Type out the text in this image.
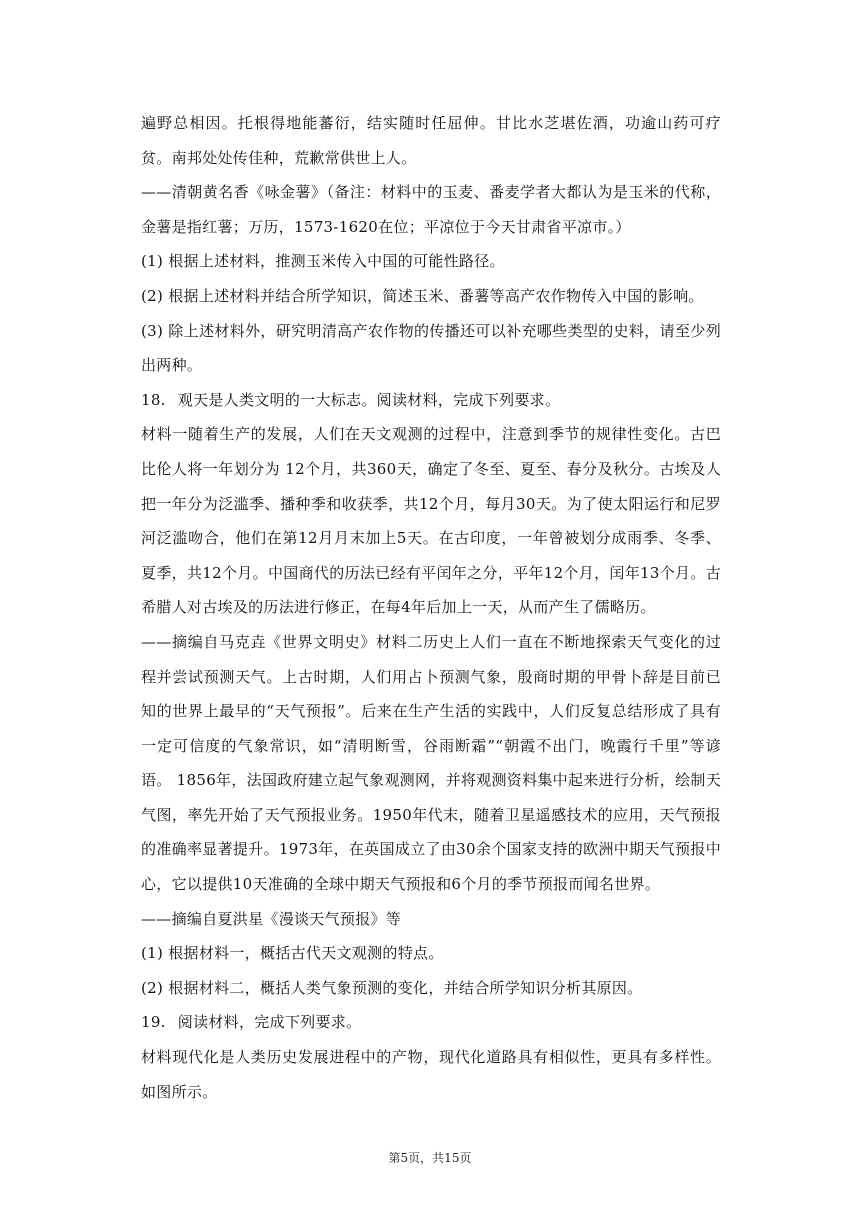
遍野总相因。托根得地能蕃衍，结实随时任屈伸。甘比水芝堪佐酒，功逾山药可疗贫。南邦处处传佳种，荒歉常供世上人。

——清朝黄名香《咏金薯》（备注：材料中的玉麦、番麦学者大都认为是玉米的代称，金薯是指红薯；万历，1573-1620在位；平凉位于今天甘肃省平凉市。）

(1) 根据上述材料，推测玉米传入中国的可能性路径。

(2) 根据上述材料并结合所学知识，简述玉米、番薯等高产农作物传入中国的影响。

(3) 除上述材料外，研究明清高产农作物的传播还可以补充哪些类型的史料，请至少列出两种。

18. 观天是人类文明的一大标志。阅读材料，完成下列要求。

材料一随着生产的发展，人们在天文观测的过程中，注意到季节的规律性变化。古巴比伦人将一年划分为 12个月，共360天，确定了冬至、夏至、春分及秋分。古埃及人把一年分为泛滥季、播种季和收获季，共12个月，每月30天。为了使太阳运行和尼罗河泛滥吻合，他们在第12月月末加上5天。在古印度，一年曾被划分成雨季、冬季、夏季，共12个月。中国商代的历法已经有平闰年之分，平年12个月，闰年13个月。古希腊人对古埃及的历法进行修正，在每4年后加上一天，从而产生了儒略历。

——摘编自马克垚《世界文明史》材料二历史上人们一直在不断地探索天气变化的过程并尝试预测天气。上古时期，人们用占卜预测气象，殷商时期的甲骨卜辞是目前已知的世界上最早的“天气预报”。后来在生产生活的实践中，人们反复总结形成了具有一定可信度的气象常识，如“清明断雪，谷雨断霜”“朝霞不出门，晚霞行千里”等谚语。 1856年，法国政府建立起气象观测网，并将观测资料集中起来进行分析，绘制天气图，率先开始了天气预报业务。1950年代末，随着卫星遥感技术的应用，天气预报的准确率显著提升。1973年，在英国成立了由30余个国家支持的欧洲中期天气预报中心，它以提供10天准确的全球中期天气预报和6个月的季节预报而闻名世界。

——摘编自夏洪星《漫谈天气预报》等

(1) 根据材料一，概括古代天文观测的特点。

(2) 根据材料二，概括人类气象预测的变化，并结合所学知识分析其原因。

19. 阅读材料，完成下列要求。

材料现代化是人类历史发展进程中的产物，现代化道路具有相似性，更具有多样性。如图所示。

第5页，共15页
